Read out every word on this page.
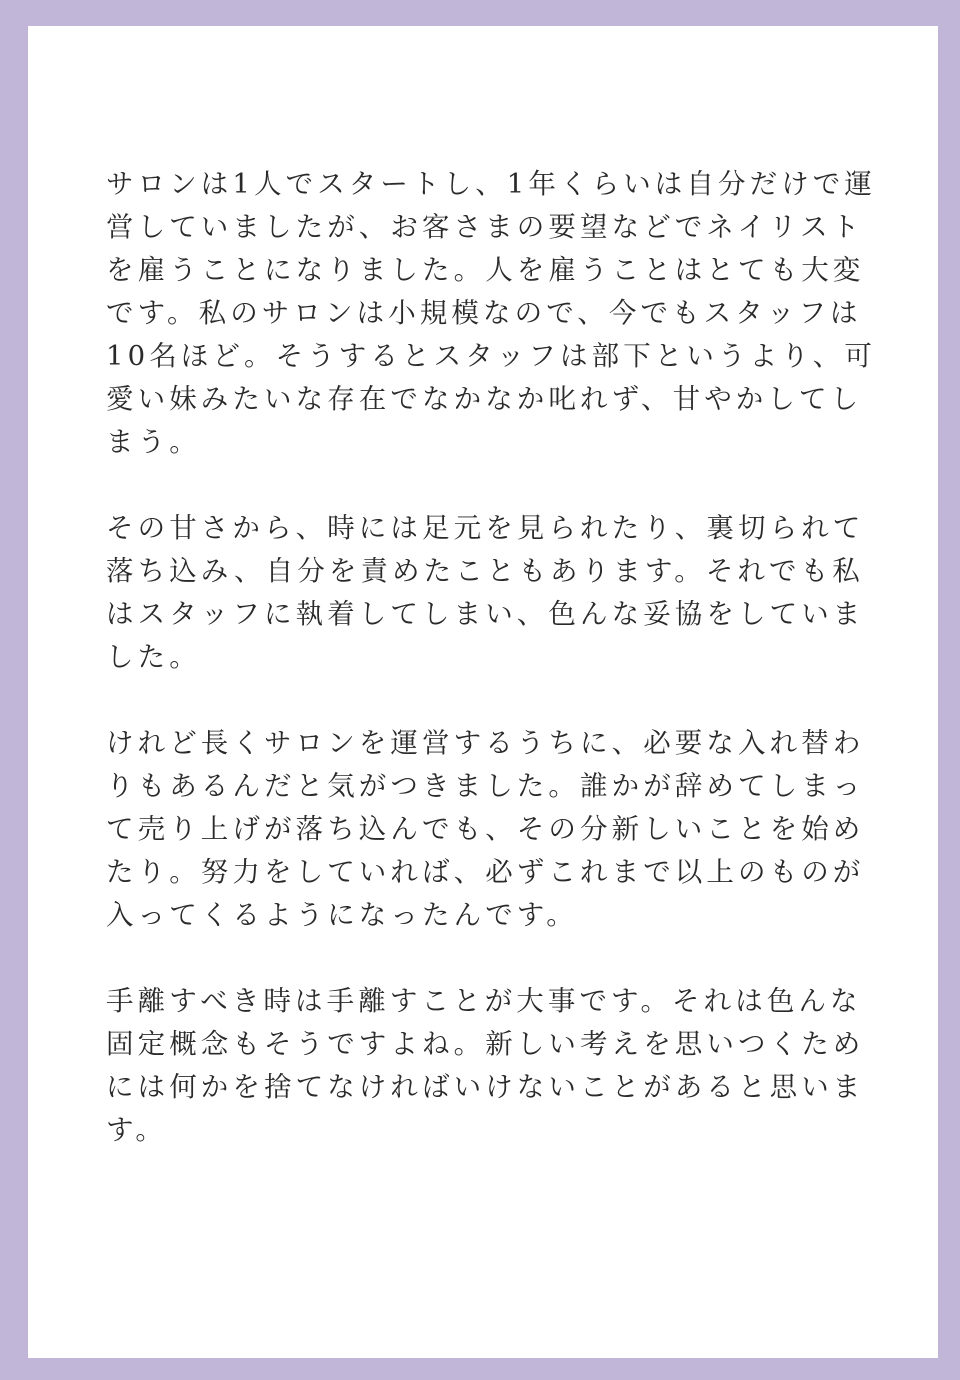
サロンは1人でスタートし、1年くらいは自分だけで運
営していましたが、お客さまの要望などでネイリスト
を雇うことになりました。人を雇うことはとても大変
です。私のサロンは小規模なので、今でもスタッフは
10名ほど。そうするとスタッフは部下というより、可
愛い妹みたいな存在でなかなか叱れず、甘やかしてし
まう。

その甘さから、時には足元を見られたり、裏切られて
落ち込み、自分を責めたこともあります。それでも私
はスタッフに執着してしまい、色んな妥協をしていま
した。

けれど長くサロンを運営するうちに、必要な入れ替わ
りもあるんだと気がつきました。誰かが辞めてしまっ
て売り上げが落ち込んでも、その分新しいことを始め
たり。努力をしていれば、必ずこれまで以上のものが
入ってくるようになったんです。

手離すべき時は手離すことが大事です。それは色んな
固定概念もそうですよね。新しい考えを思いつくため
には何かを捨てなければいけないことがあると思いま
す。
